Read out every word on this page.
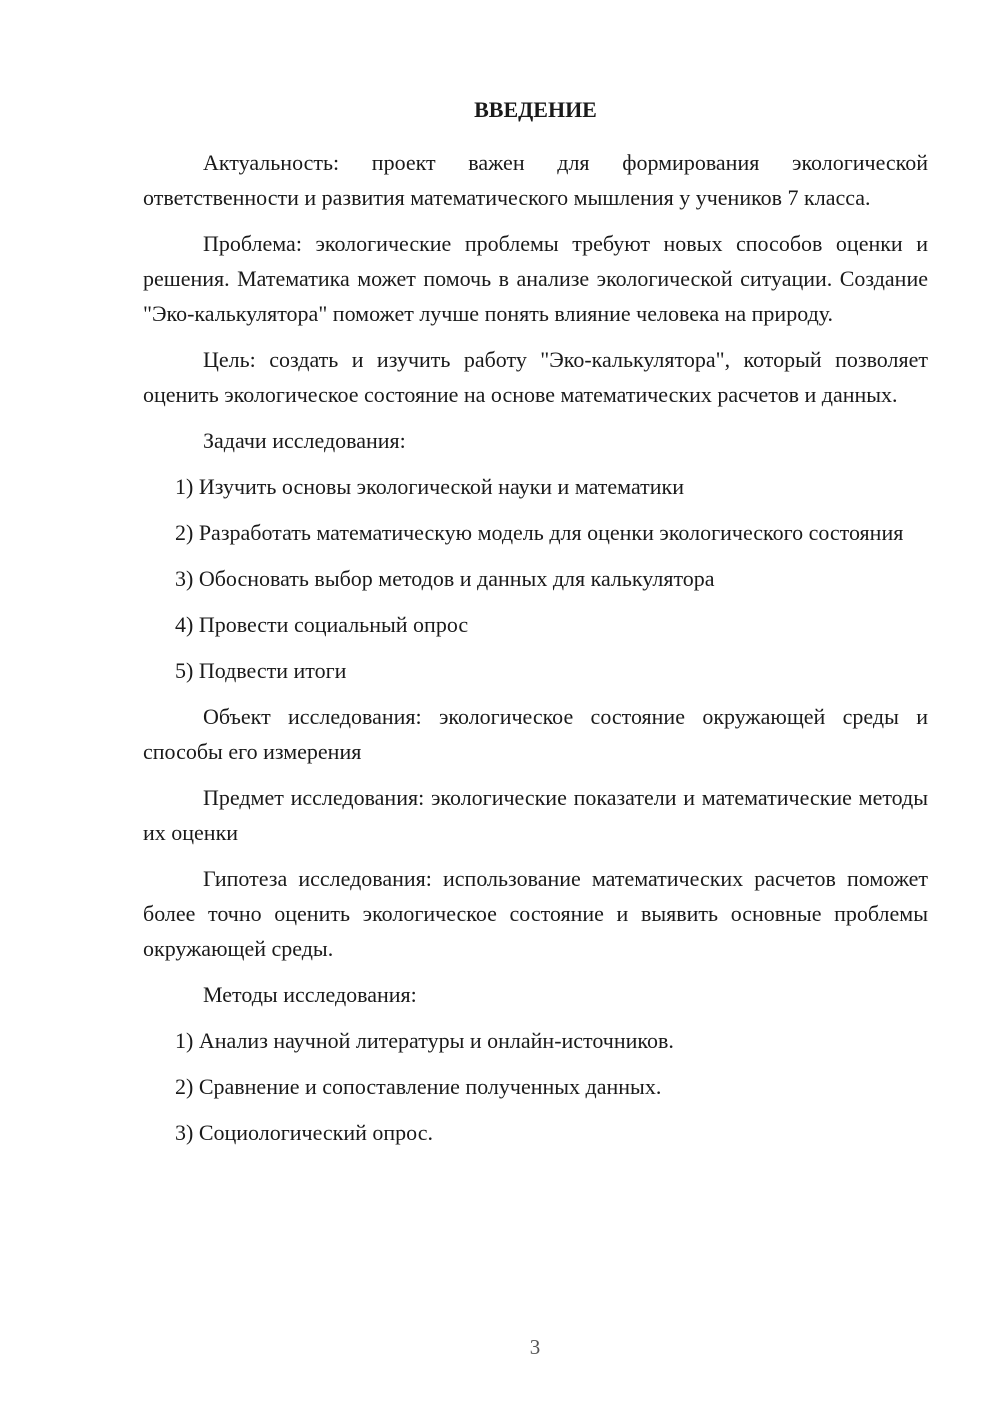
ВВЕДЕНИЕ

Актуальность: проект важен для формирования экологической ответственности и развития математического мышления у учеников 7 класса.

Проблема: экологические проблемы требуют новых способов оценки и решения. Математика может помочь в анализе экологической ситуации. Создание "Эко-калькулятора" поможет лучше понять влияние человека на природу.

Цель: создать и изучить работу "Эко-калькулятора", который позволяет оценить экологическое состояние на основе математических расчетов и данных.

Задачи исследования:

1) Изучить основы экологической науки и математики

2) Разработать математическую модель для оценки экологического состояния

3) Обосновать выбор методов и данных для калькулятора

4) Провести социальный опрос

5) Подвести итоги

Объект исследования: экологическое состояние окружающей среды и способы его измерения

Предмет исследования: экологические показатели и математические методы их оценки

Гипотеза исследования: использование математических расчетов поможет более точно оценить экологическое состояние и выявить основные проблемы окружающей среды.

Методы исследования:

1) Анализ научной литературы и онлайн-источников.

2) Сравнение и сопоставление полученных данных.

3) Социологический опрос.

3
